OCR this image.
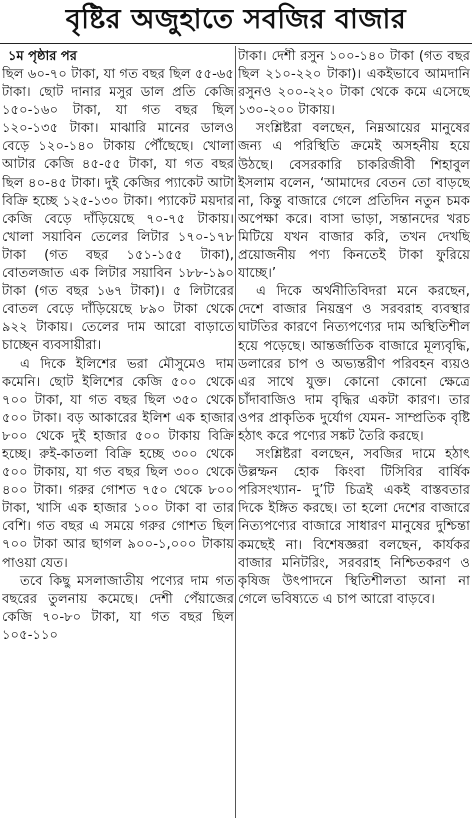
বৃষ্টির অজুহাতে সবজির বাজার
১ম পৃষ্ঠার পর

ছিল ৬০-৭০ টাকা, যা গত বছর ছিল ৫৫-৬৫ টাকা। ছোট দানার মসুর ডাল প্রতি কেজি ১৫০-১৬০ টাকা, যা গত বছর ছিল ১২০-১৩৫ টাকা। মাঝারি মানের ডালও বেড়ে ১২০-১৪০ টাকায় পৌঁছেছে। খোলা আটার কেজি ৪৫-৫৫ টাকা, যা গত বছর ছিল ৪০-৪৫ টাকা। দুই কেজির প্যাকেট আটা বিক্রি হচ্ছে ১২৫-১৩০ টাকা। প্যাকেট ময়দার কেজি বেড়ে দাঁড়িয়েছে ৭০-৭৫ টাকায়। খোলা সয়াবিন তেলের লিটার ১৭০-১৭৮ টাকা (গত বছর ১৫১-১৫৫ টাকা), বোতলজাত এক লিটার সয়াবিন ১৮৮-১৯০ টাকা (গত বছর ১৬৭ টাকা)। ৫ লিটারের বোতল বেড়ে দাঁড়িয়েছে ৮৯০ টাকা থেকে ৯২২ টাকায়। তেলের দাম আরো বাড়াতে চাচ্ছেন ব্যবসায়ীরা।

এ দিকে ইলিশের ভরা মৌসুমেও দাম কমেনি। ছোট ইলিশের কেজি ৫০০ থেকে ৭০০ টাকা, যা গত বছর ছিল ৩৫০ থেকে ৫০০ টাকা। বড় আকারের ইলিশ এক হাজার ৮০০ থেকে দুই হাজার ৫০০ টাকায় বিক্রি হচ্ছে। রুই-কাতলা বিক্রি হচ্ছে ৩০০ থেকে ৫০০ টাকায়, যা গত বছর ছিল ৩০০ থেকে ৪০০ টাকা। গরুর গোশত ৭৫০ থেকে ৮০০ টাকা, খাসি এক হাজার ১০০ টাকা বা তার বেশি। গত বছর এ সময়ে গরুর গোশত ছিল ৭০০ টাকা আর ছাগল ৯০০-১,০০০ টাকায় পাওয়া যেত।

তবে কিছু মসলাজাতীয় পণ্যের দাম গত বছরের তুলনায় কমেছে। দেশী পেঁয়াজের কেজি ৭০-৮০ টাকা, যা গত বছর ছিল ১০৫-১১০

টাকা। দেশী রসুন ১০০-১৪০ টাকা (গত বছর ছিল ২১০-২২০ টাকা)। একইভাবে আমদানি রসুনও ২০০-২২০ টাকা থেকে কমে এসেছে ১৩০-২০০ টাকায়।

সংশ্লিষ্টরা বলছেন, নিম্নআয়ের মানুষের জন্য এ পরিস্থিতি ক্রমেই অসহনীয় হয়ে উঠছে। বেসরকারি চাকরিজীবী শিহাবুল ইসলাম বলেন, ‘আমাদের বেতন তো বাড়ছে না, কিন্তু বাজারে গেলে প্রতিদিন নতুন চমক অপেক্ষা করে। বাসা ভাড়া, সন্তানদের খরচ মিটিয়ে যখন বাজার করি, তখন দেখছি প্রয়োজনীয় পণ্য কিনতেই টাকা ফুরিয়ে যাচ্ছে।’

এ দিকে অর্থনীতিবিদরা মনে করছেন, দেশে বাজার নিয়ন্ত্রণ ও সরবরাহ ব্যবস্থার ঘাটতির কারণে নিত্যপণ্যের দাম অস্থিতিশীল হয়ে পড়েছে। আন্তর্জাতিক বাজারে মূল্যবৃদ্ধি, ডলারের চাপ ও অভ্যন্তরীণ পরিবহন ব্যয়ও এর সাথে যুক্ত। কোনো কোনো ক্ষেত্রে চাঁদাবাজিও দাম বৃদ্ধির একটা কারণ। তার ওপর প্রাকৃতিক দুর্যোগ যেমন- সাম্প্রতিক বৃষ্টি হঠাৎ করে পণ্যের সঙ্কট তৈরি করছে।

সংশ্লিষ্টরা বলছেন, সবজির দামে হঠাৎ উল্লম্ফন হোক কিংবা টিসিবির বার্ষিক পরিসংখ্যান- দু’টি চিত্রই একই বাস্তবতার দিকে ইঙ্গিত করছে। তা হলো দেশের বাজারে নিত্যপণ্যের বাজারে সাধারণ মানুষের দুশ্চিন্তা কমছেই না। বিশেষজ্ঞরা বলছেন, কার্যকর বাজার মনিটরিং, সরবরাহ নিশ্চিতকরণ ও কৃষিজ উৎপাদনে স্থিতিশীলতা আনা না গেলে ভবিষ্যতে এ চাপ আরো বাড়বে।
